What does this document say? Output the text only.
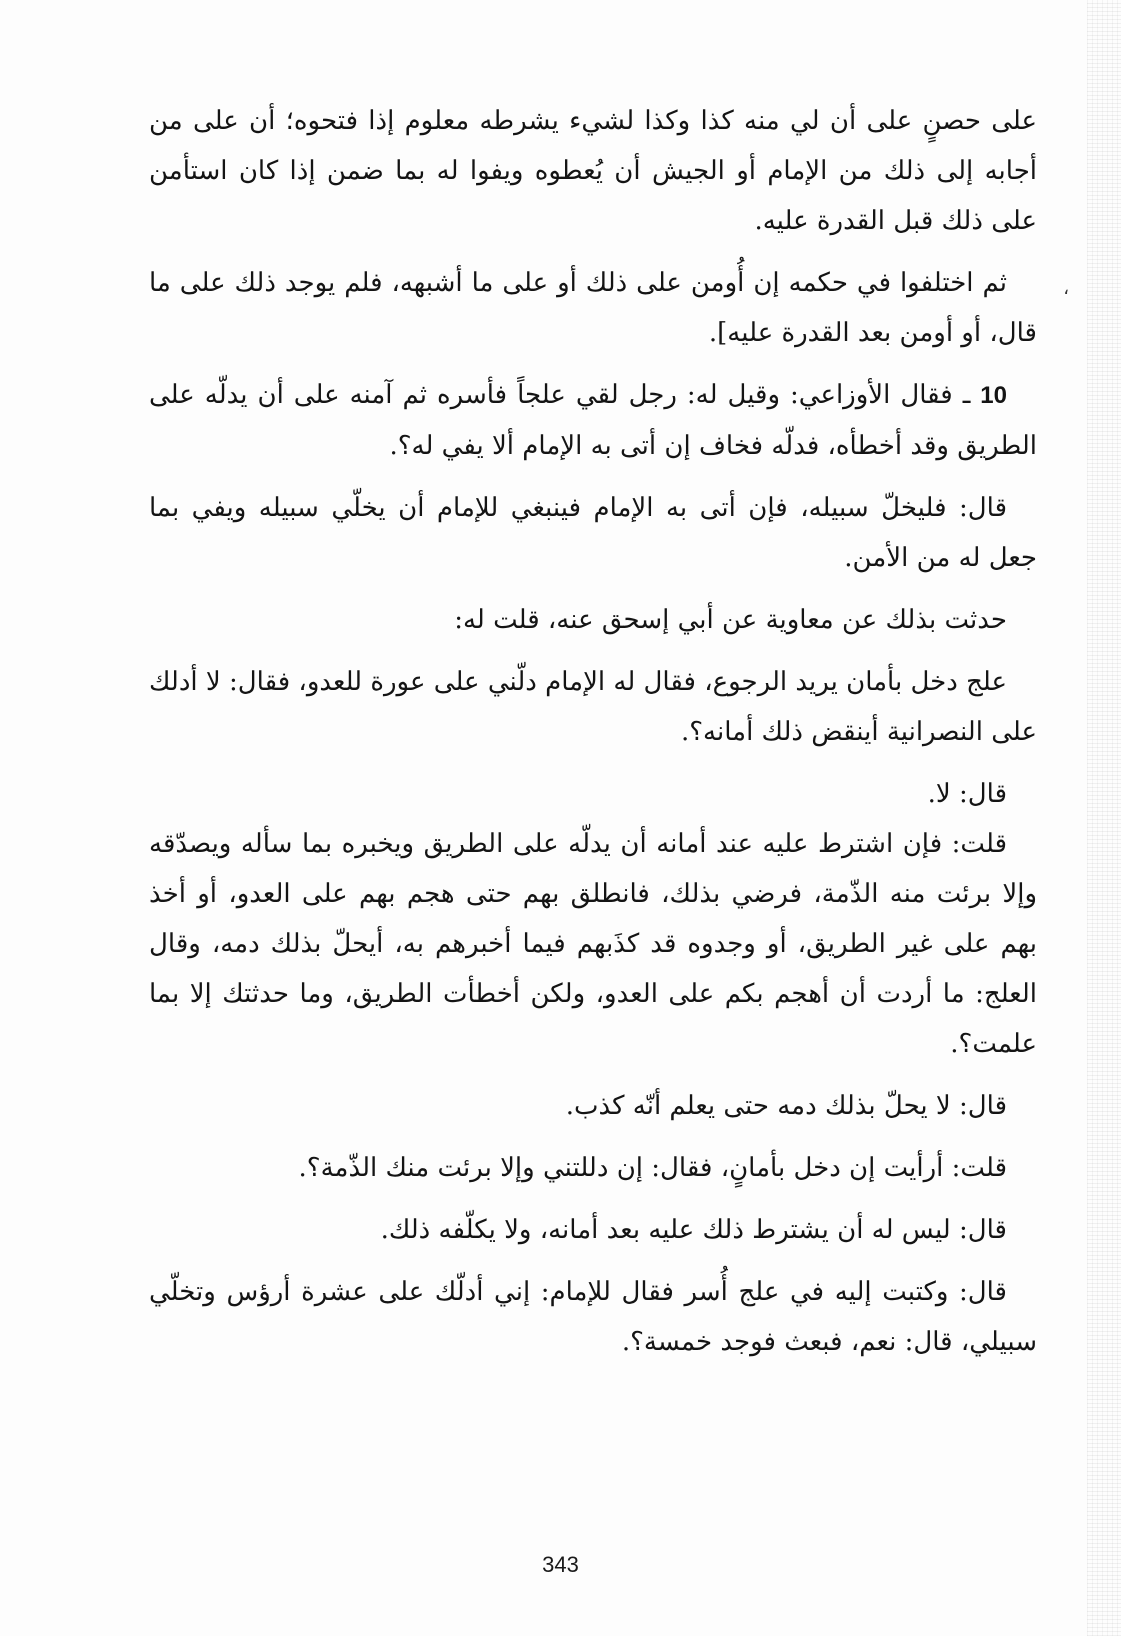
،

على حصنٍ على أن لي منه كذا وكذا لشيء يشرطه معلوم إذا فتحوه؛ أن على من أجابه إلى ذلك من الإمام أو الجيش أن يُعطوه ويفوا له بما ضمن إذا كان استأمن على ذلك قبل القدرة عليه.

ثم اختلفوا في حكمه إن أُومن على ذلك أو على ما أشبهه، فلم يوجد ذلك على ما قال، أو أومن بعد القدرة عليه].

10 ـ فقال الأوزاعي: وقيل له: رجل لقي علجاً فأسره ثم آمنه على أن يدلّه على الطريق وقد أخطأه، فدلّه فخاف إن أتى به الإمام ألا يفي له؟.

قال: فليخلّ سبيله، فإن أتى به الإمام فينبغي للإمام أن يخلّي سبيله ويفي بما جعل له من الأمن.

حدثت بذلك عن معاوية عن أبي إسحق عنه، قلت له:

علج دخل بأمان يريد الرجوع، فقال له الإمام دلّني على عورة للعدو، فقال: لا أدلك على النصرانية أينقض ذلك أمانه؟.

قال: لا.

قلت: فإن اشترط عليه عند أمانه أن يدلّه على الطريق ويخبره بما سأله ويصدّقه وإلا برئت منه الذّمة، فرضي بذلك، فانطلق بهم حتى هجم بهم على العدو، أو أخذ بهم على غير الطريق، أو وجدوه قد كذَبهم فيما أخبرهم به، أيحلّ بذلك دمه، وقال العلج: ما أردت أن أهجم بكم على العدو، ولكن أخطأت الطريق، وما حدثتك إلا بما علمت؟.

قال: لا يحلّ بذلك دمه حتى يعلم أنّه كذب.

قلت: أرأيت إن دخل بأمانٍ، فقال: إن دللتني وإلا برئت منك الذّمة؟.

قال: ليس له أن يشترط ذلك عليه بعد أمانه، ولا يكلّفه ذلك.

قال: وكتبت إليه في علج أُسر فقال للإمام: إني أدلّك على عشرة أرؤس وتخلّي سبيلي، قال: نعم، فبعث فوجد خمسة؟.

343
